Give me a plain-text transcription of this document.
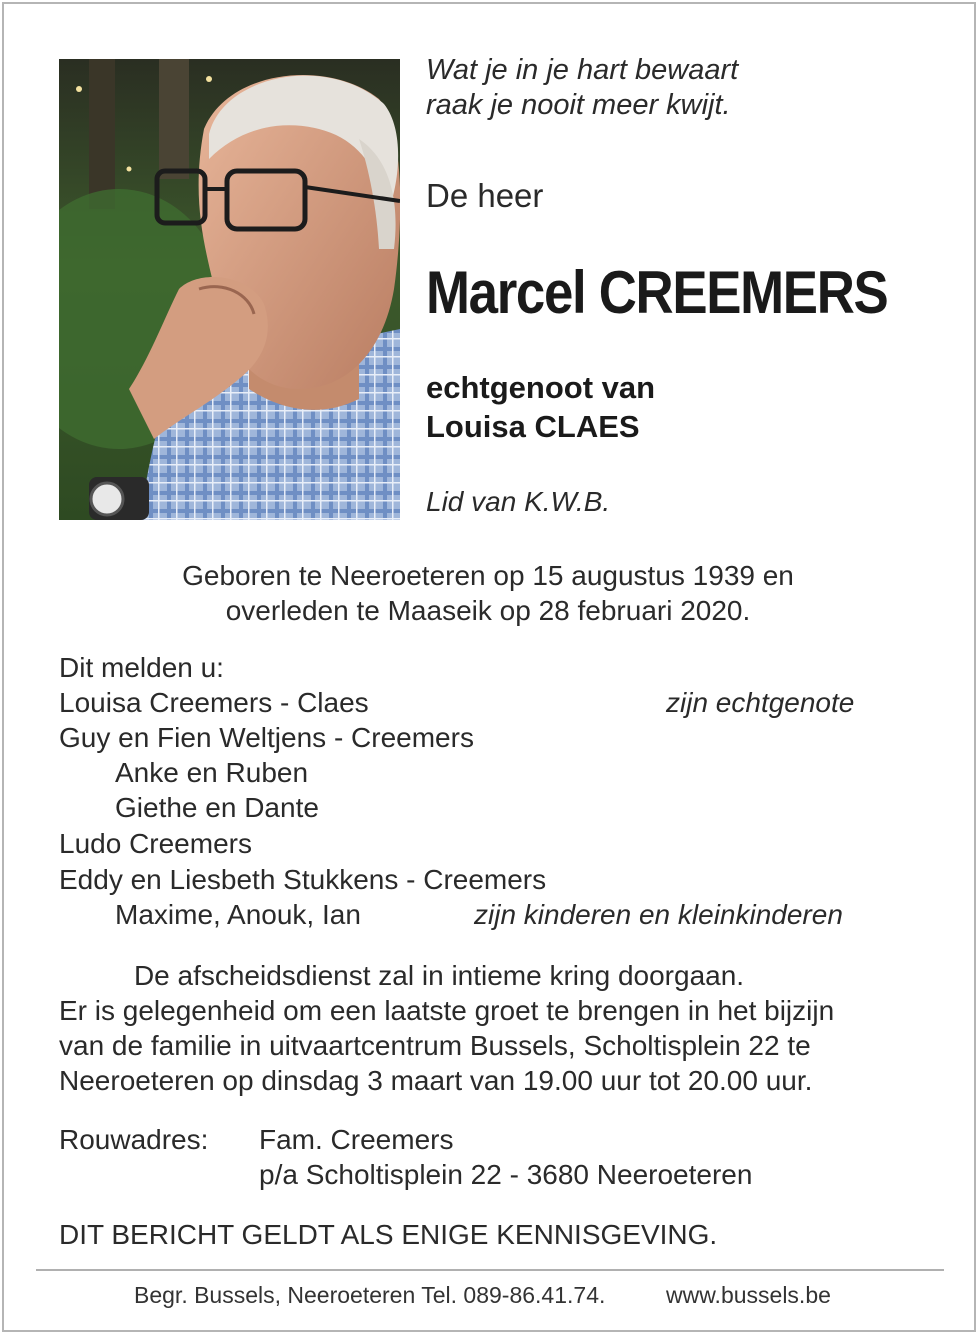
Wat je in je hart bewaart
raak je nooit meer kwijt.
De heer
Marcel CREEMERS
echtgenoot van
Louisa CLAES
Lid van K.W.B.
Geboren te Neeroeteren op 15 augustus 1939 en
overleden te Maaseik op 28 februari 2020.
Dit melden u:
Louisa Creemers - Claes	zijn echtgenote
Guy en Fien Weltjens - Creemers
Anke en Ruben
Giethe en Dante
Ludo Creemers
Eddy en Liesbeth Stukkens - Creemers
Maxime, Anouk, Ian	zijn kinderen en kleinkinderen
De afscheidsdienst zal in intieme kring doorgaan.
Er is gelegenheid om een laatste groet te brengen in het bijzijn
van de familie in uitvaartcentrum Bussels, Scholtisplein 22 te
Neeroeteren op dinsdag 3 maart van 19.00 uur tot 20.00 uur.
Rouwadres: Fam. Creemers
p/a Scholtisplein 22 - 3680 Neeroeteren
DIT BERICHT GELDT ALS ENIGE KENNISGEVING.
Begr. Bussels, Neeroeteren Tel. 089-86.41.74.	www.bussels.be
